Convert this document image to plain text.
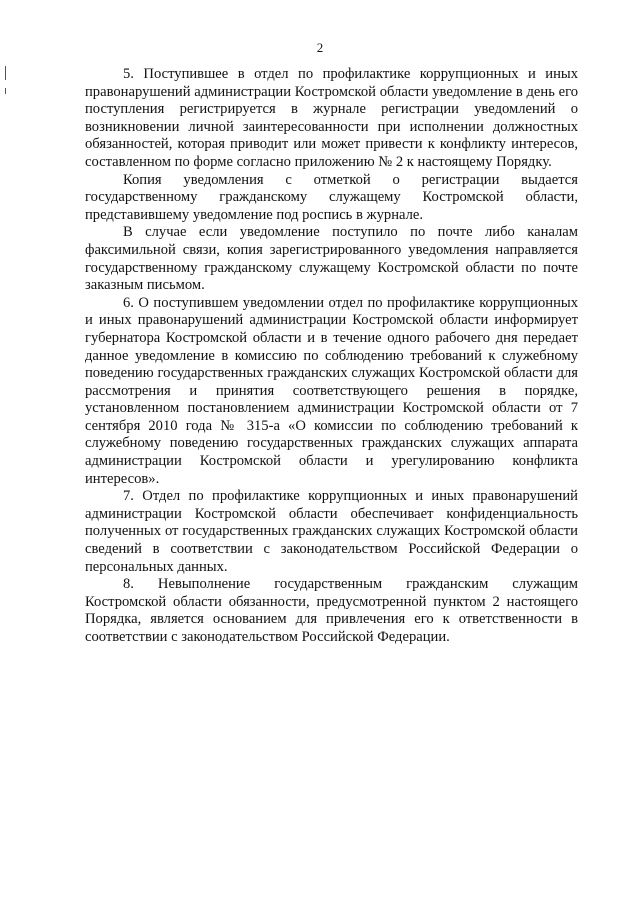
2

5. Поступившее в отдел по профилактике коррупционных и иных правонарушений администрации Костромской области уведомление в день его поступления регистрируется в журнале регистрации уведомлений о возникновении личной заинтересованности при исполнении должностных обязанностей, которая приводит или может привести к конфликту интересов, составленном по форме согласно приложению № 2 к настоящему Порядку.

Копия уведомления с отметкой о регистрации выдается государственному гражданскому служащему Костромской области, представившему уведомление под роспись в журнале.

В случае если уведомление поступило по почте либо каналам факсимильной связи, копия зарегистрированного уведомления направляется государственному гражданскому служащему Костромской области по почте заказным письмом.

6. О поступившем уведомлении отдел по профилактике коррупционных и иных правонарушений администрации Костромской области информирует губернатора Костромской области и в течение одного рабочего дня передает данное уведомление в комиссию по соблюдению требований к служебному поведению государственных гражданских служащих Костромской области для рассмотрения и принятия соответствующего решения в порядке, установленном постановлением администрации Костромской области от 7 сентября 2010 года № 315-а «О комиссии по соблюдению требований к служебному поведению государственных гражданских служащих аппарата администрации Костромской области и урегулированию конфликта интересов».

7. Отдел по профилактике коррупционных и иных правонарушений администрации Костромской области обеспечивает конфиденциальность полученных от государственных гражданских служащих Костромской области сведений в соответствии с законодательством Российской Федерации о персональных данных.

8. Невыполнение государственным гражданским служащим Костромской области обязанности, предусмотренной пунктом 2 настоящего Порядка, является основанием для привлечения его к ответственности в соответствии с законодательством Российской Федерации.
